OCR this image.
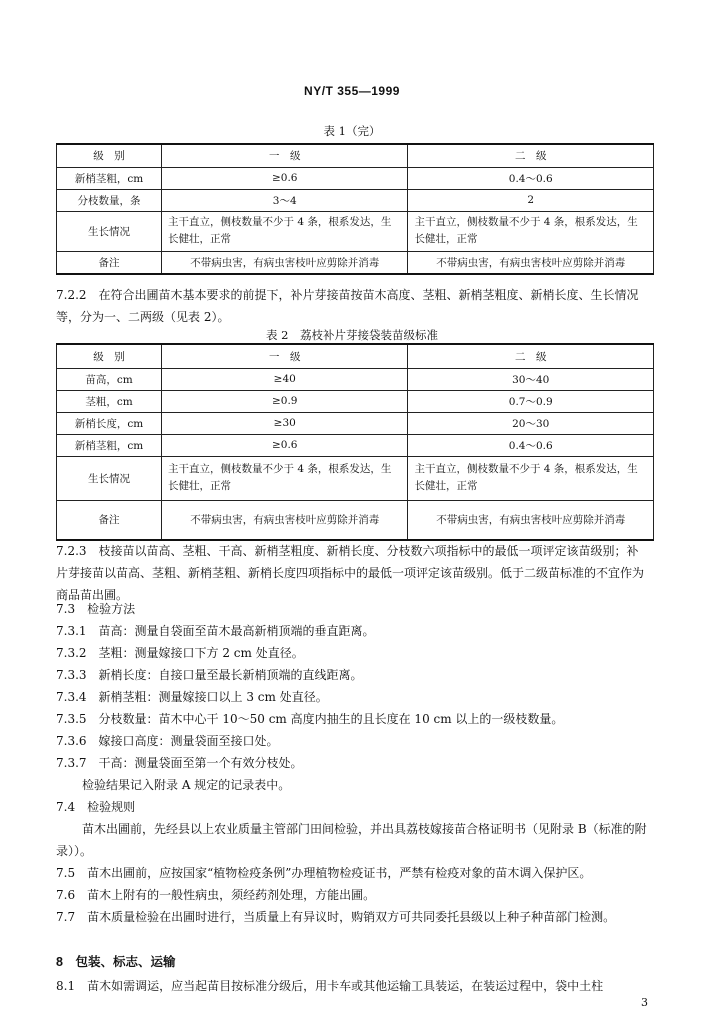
NY/T 355—1999
表 1（完）
级　别	一　级	二　级
新梢茎粗，cm	≥0.6	0.4～0.6
分枝数量，条	3～4	2
生长情况	主干直立，侧枝数量不少于 4 条，根系发达，生长健壮，正常	主干直立，侧枝数量不少于 4 条，根系发达，生长健壮，正常
备注	不带病虫害，有病虫害枝叶应剪除并消毒	不带病虫害，有病虫害枝叶应剪除并消毒
7.2.2　在符合出圃苗木基本要求的前提下，补片芽接苗按苗木高度、茎粗、新梢茎粗度、新梢长度、生长情况等，分为一、二两级（见表 2）。
表 2　荔枝补片芽接袋装苗级标准
级　别	一　级	二　级
苗高，cm	≥40	30～40
茎粗，cm	≥0.9	0.7～0.9
新梢长度，cm	≥30	20～30
新梢茎粗，cm	≥0.6	0.4～0.6
生长情况	主干直立，侧枝数量不少于 4 条，根系发达，生长健壮，正常	主干直立，侧枝数量不少于 4 条，根系发达，生长健壮，正常
备注	不带病虫害，有病虫害枝叶应剪除并消毒	不带病虫害，有病虫害枝叶应剪除并消毒
7.2.3　枝接苗以苗高、茎粗、干高、新梢茎粗度、新梢长度、分枝数六项指标中的最低一项评定该苗级别；补片芽接苗以苗高、茎粗、新梢茎粗、新梢长度四项指标中的最低一项评定该苗级别。低于二级苗标准的不宜作为商品苗出圃。
7.3　检验方法
7.3.1　苗高：测量自袋面至苗木最高新梢顶端的垂直距离。
7.3.2　茎粗：测量嫁接口下方 2 cm 处直径。
7.3.3　新梢长度：自接口量至最长新梢顶端的直线距离。
7.3.4　新梢茎粗：测量嫁接口以上 3 cm 处直径。
7.3.5　分枝数量：苗木中心干 10～50 cm 高度内抽生的且长度在 10 cm 以上的一级枝数量。
7.3.6　嫁接口高度：测量袋面至接口处。
7.3.7　干高：测量袋面至第一个有效分枝处。
检验结果记入附录 A 规定的记录表中。
7.4　检验规则
苗木出圃前，先经县以上农业质量主管部门田间检验，并出具荔枝嫁接苗合格证明书（见附录 B（标准的附录））。
7.5　苗木出圃前，应按国家“植物检疫条例”办理植物检疫证书，严禁有检疫对象的苗木调入保护区。
7.6　苗木上附有的一般性病虫，须经药剂处理，方能出圃。
7.7　苗木质量检验在出圃时进行，当质量上有异议时，购销双方可共同委托县级以上种子种苗部门检测。
8　包装、标志、运输
8.1　苗木如需调运，应当起苗目按标准分级后，用卡车或其他运输工具装运，在装运过程中，袋中土柱
3
